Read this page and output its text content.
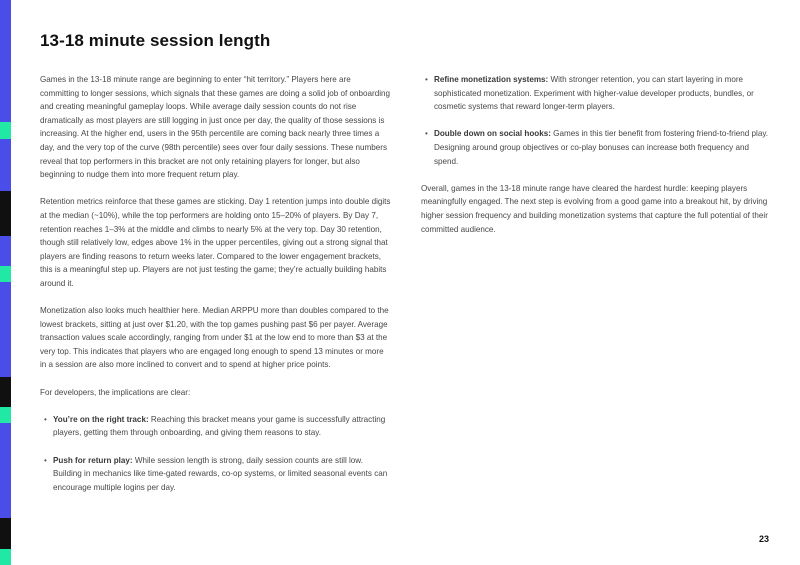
13-18 minute session length

Games in the 13-18 minute range are beginning to enter “hit territory.” Players here are committing to longer sessions, which signals that these games are doing a solid job of onboarding and creating meaningful gameplay loops. While average daily session counts do not rise dramatically as most players are still logging in just once per day, the quality of those sessions is increasing. At the higher end, users in the 95th percentile are coming back nearly three times a day, and the very top of the curve (98th percentile) sees over four daily sessions. These numbers reveal that top performers in this bracket are not only retaining players for longer, but also beginning to nudge them into more frequent return play.

Retention metrics reinforce that these games are sticking. Day 1 retention jumps into double digits at the median (~10%), while the top performers are holding onto 15–20% of players. By Day 7, retention reaches 1–3% at the middle and climbs to nearly 5% at the very top. Day 30 retention, though still relatively low, edges above 1% in the upper percentiles, giving out a strong signal that players are finding reasons to return weeks later. Compared to the lower engagement brackets, this is a meaningful step up. Players are not just testing the game; they’re actually building habits around it.

Monetization also looks much healthier here. Median ARPPU more than doubles compared to the lowest brackets, sitting at just over $1.20, with the top games pushing past $6 per payer. Average transaction values scale accordingly, ranging from under $1 at the low end to more than $3 at the very top. This indicates that players who are engaged long enough to spend 13 minutes or more in a session are also more inclined to convert and to spend at higher price points.

For developers, the implications are clear:

• You’re on the right track: Reaching this bracket means your game is successfully attracting players, getting them through onboarding, and giving them reasons to stay.
• Push for return play: While session length is strong, daily session counts are still low. Building in mechanics like time-gated rewards, co-op systems, or limited seasonal events can encourage multiple logins per day.
• Refine monetization systems: With stronger retention, you can start layering in more sophisticated monetization. Experiment with higher-value developer products, bundles, or cosmetic systems that reward longer-term players.
• Double down on social hooks: Games in this tier benefit from fostering friend-to-friend play. Designing around group objectives or co-play bonuses can increase both frequency and spend.

Overall, games in the 13-18 minute range have cleared the hardest hurdle: keeping players meaningfully engaged. The next step is evolving from a good game into a breakout hit, by driving higher session frequency and building monetization systems that capture the full potential of their committed audience.

23
